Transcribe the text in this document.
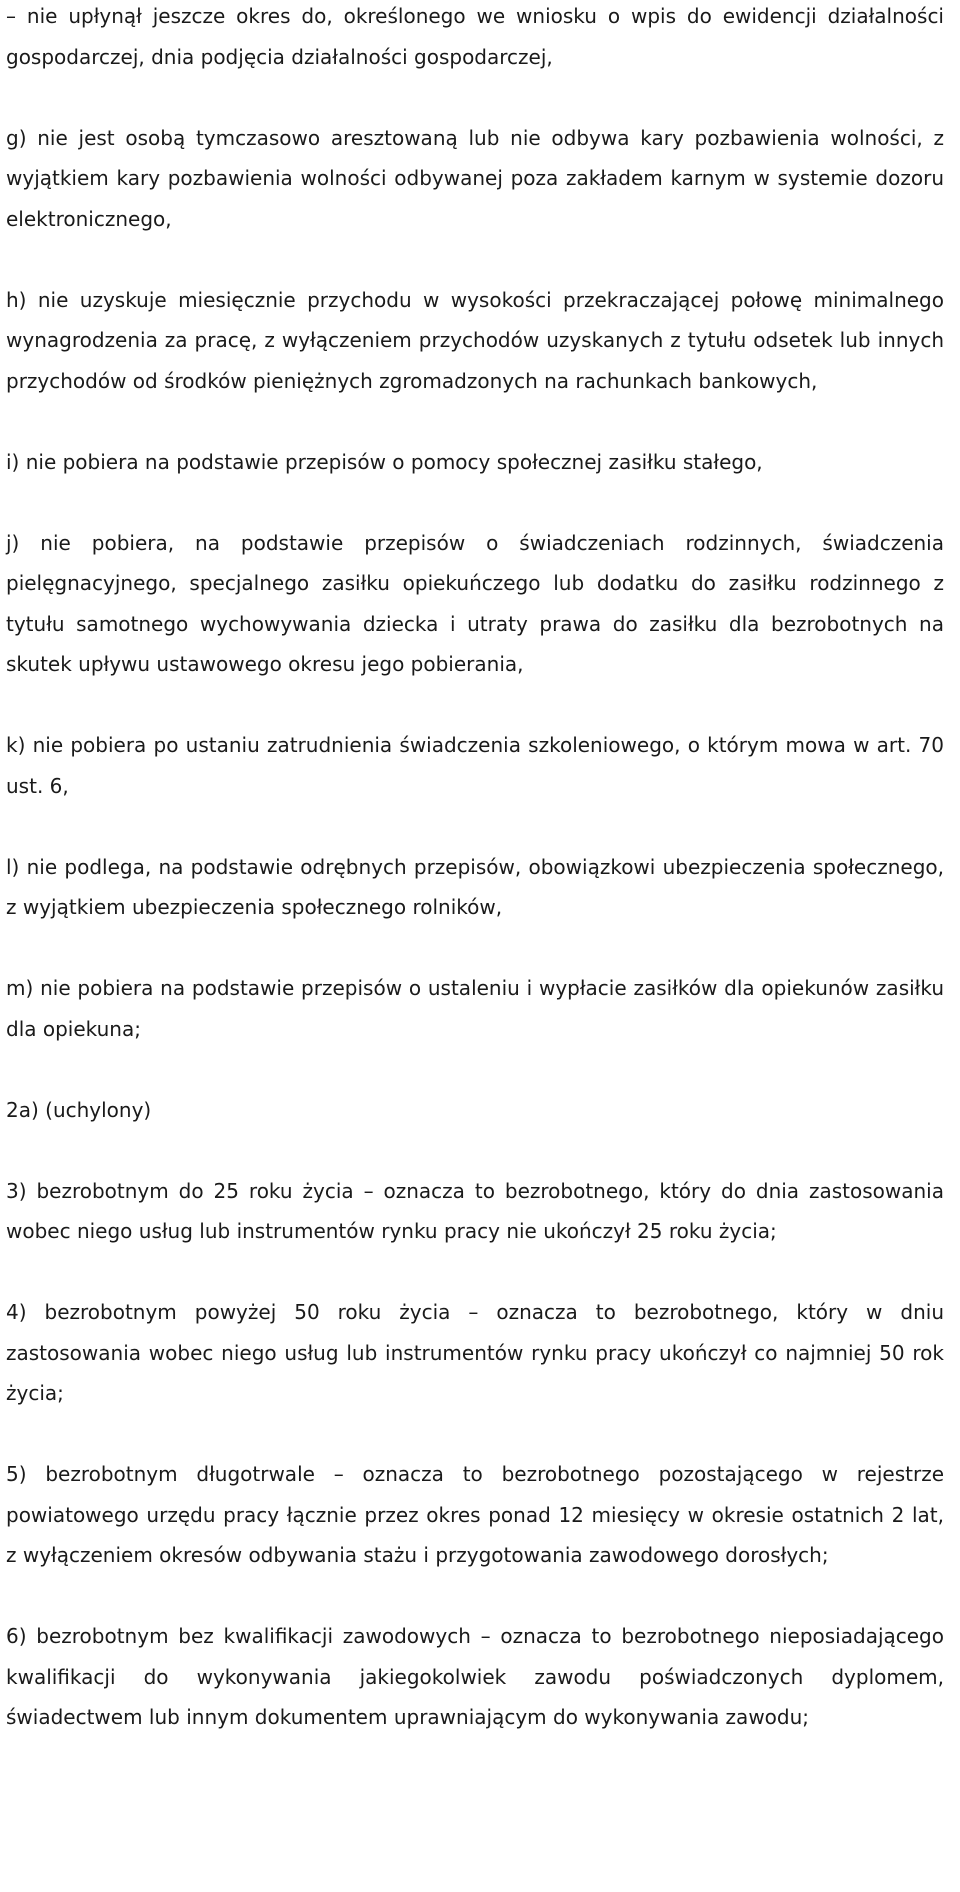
– nie upłynął jeszcze okres do, określonego we wniosku o wpis do ewidencji działalności gospodarczej, dnia podjęcia działalności gospodarczej,

g) nie jest osobą tymczasowo aresztowaną lub nie odbywa kary pozbawienia wolności, z wyjątkiem kary pozbawienia wolności odbywanej poza zakładem karnym w systemie dozoru elektronicznego,

h) nie uzyskuje miesięcznie przychodu w wysokości przekraczającej połowę minimalnego wynagrodzenia za pracę, z wyłączeniem przychodów uzyskanych z tytułu odsetek lub innych przychodów od środków pieniężnych zgromadzonych na rachunkach bankowych,

i) nie pobiera na podstawie przepisów o pomocy społecznej zasiłku stałego,

j) nie pobiera, na podstawie przepisów o świadczeniach rodzinnych, świadczenia pielęgnacyjnego, specjalnego zasiłku opiekuńczego lub dodatku do zasiłku rodzinnego z tytułu samotnego wychowywania dziecka i utraty prawa do zasiłku dla bezrobotnych na skutek upływu ustawowego okresu jego pobierania,

k) nie pobiera po ustaniu zatrudnienia świadczenia szkoleniowego, o którym mowa w art. 70 ust. 6,

l) nie podlega, na podstawie odrębnych przepisów, obowiązkowi ubezpieczenia społecznego, z wyjątkiem ubezpieczenia społecznego rolników,

m) nie pobiera na podstawie przepisów o ustaleniu i wypłacie zasiłków dla opiekunów zasiłku dla opiekuna;

2a) (uchylony)

3) bezrobotnym do 25 roku życia – oznacza to bezrobotnego, który do dnia zastosowania wobec niego usług lub instrumentów rynku pracy nie ukończył 25 roku życia;

4) bezrobotnym powyżej 50 roku życia – oznacza to bezrobotnego, który w dniu zastosowania wobec niego usług lub instrumentów rynku pracy ukończył co najmniej 50 rok życia;

5) bezrobotnym długotrwale – oznacza to bezrobotnego pozostającego w rejestrze powiatowego urzędu pracy łącznie przez okres ponad 12 miesięcy w okresie ostatnich 2 lat, z wyłączeniem okresów odbywania stażu i przygotowania zawodowego dorosłych;

6) bezrobotnym bez kwalifikacji zawodowych – oznacza to bezrobotnego nieposiadającego kwalifikacji do wykonywania jakiegokolwiek zawodu poświadczonych dyplomem, świadectwem lub innym dokumentem uprawniającym do wykonywania zawodu;
